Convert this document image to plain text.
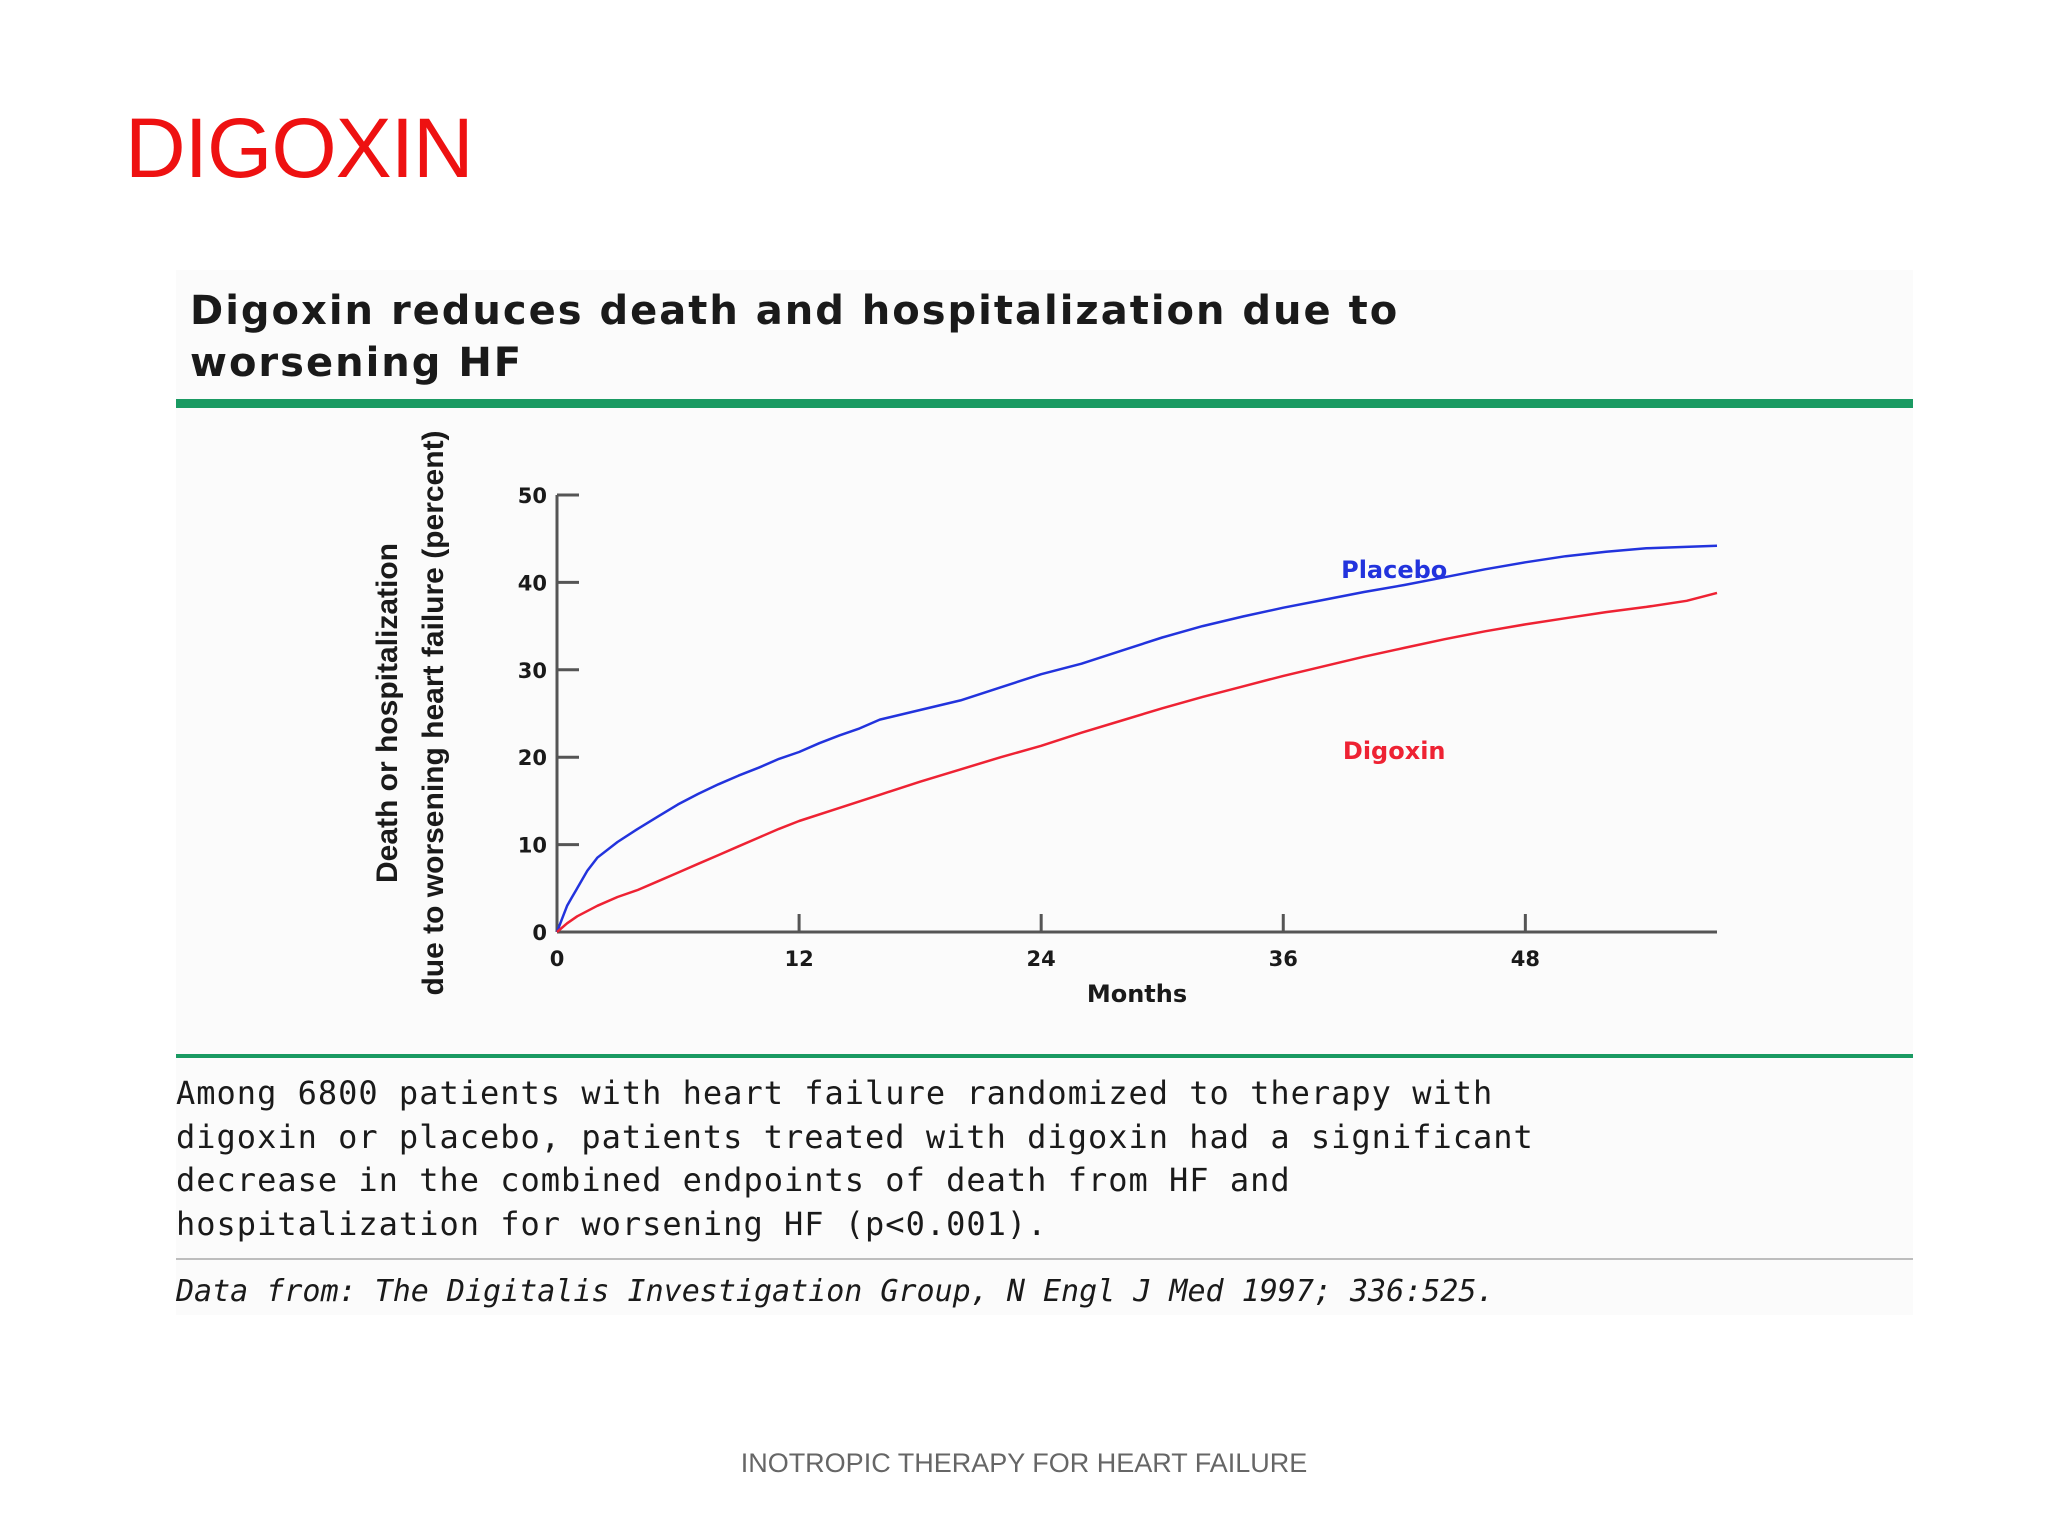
DIGOXIN
Digoxin reduces death and hospitalization due to
worsening HF
0
10
20
30
40
50
0	12	24	36	48
Months
Death or hospitalization due to worsening heart failure (percent)	Placebo
Digoxin
Among 6800 patients with heart failure randomized to therapy with
digoxin or placebo, patients treated with digoxin had a significant
decrease in the combined endpoints of death from HF and
hospitalization for worsening HF (p<0.001).
Data from: The Digitalis Investigation Group, N Engl J Med 1997; 336:525.
INOTROPIC THERAPY FOR HEART FAILURE
